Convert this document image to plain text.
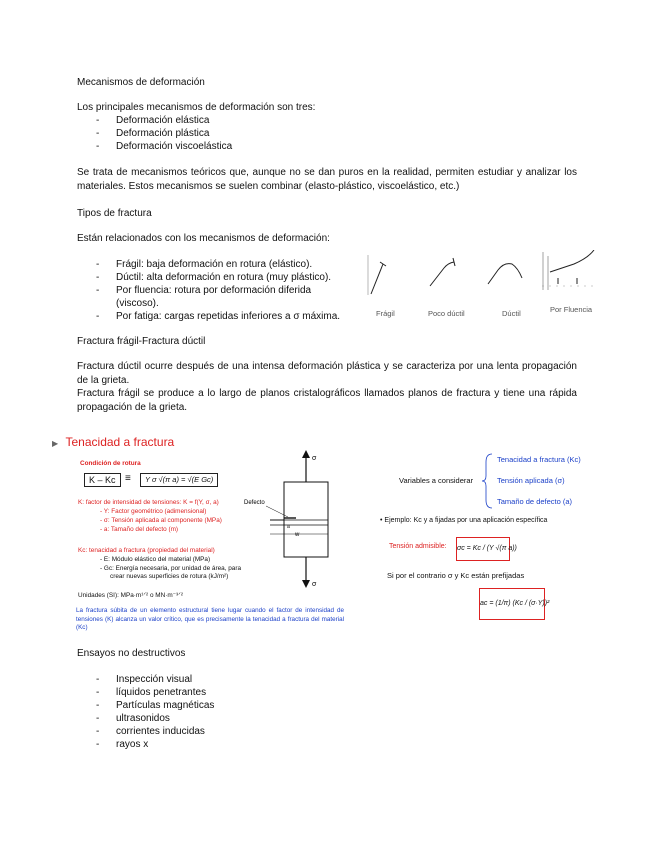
Mecanismos de deformación
Los principales mecanismos de deformación son tres:
- Deformación elástica
- Deformación plástica
- Deformación viscoelástica
Se trata de mecanismos teóricos que, aunque no se dan puros en la realidad, permiten estudiar y analizar los materiales. Estos mecanismos se suelen combinar (elasto-plástico, viscoelástico, etc.)
Tipos de fractura
Están relacionados con los mecanismos de deformación:
- Frágil: baja deformación en rotura (elástico).
- Dúctil: alta deformación en rotura (muy plástico).
- Por fluencia: rotura por deformación diferida (viscoso).
- Por fatiga: cargas repetidas inferiores a σ máxima.	Frágil	Poco dúctil	Dúctil	Por Fluencia
Fractura frágil-Fractura dúctil
Fractura dúctil ocurre después de una intensa deformación plástica y se caracteriza por una lenta propagación de la grieta.
Fractura frágil se produce a lo largo de planos cristalográficos llamados planos de fractura y tiene una rápida propagación de la grieta.
▶ Tenacidad a fractura
Condición de rotura
K – Kc ≡	Y σ √(π a) = √(E Gc)
K: factor de intensidad de tensiones: K = f(Y, σ, a)
- Y: Factor geométrico (adimensional)
- σ: Tensión aplicada al componente (MPa)
- a: Tamaño del defecto (m)
Kc: tenacidad a fractura (propiedad del material)
- E: Módulo elástico del material (MPa)
- Gc: Energía necesaria, por unidad de área, para
crear nuevas superficies de rotura (kJ/m²)
Unidades (SI): MPa·m¹ᐟ² o MN·m⁻³ᐟ²
La fractura súbita de un elemento estructural tiene lugar cuando el factor de intensidad de tensiones (K) alcanza un valor crítico, que es precisamente la tenacidad a fractura del material (Kc)
σ
Defecto
a
w
σ
Variables a considerar
Tenacidad a fractura (Kc)
Tensión aplicada (σ)
Tamaño de defecto (a)
• Ejemplo: Kc y a fijadas por una aplicación específica
Tensión admisible: σc = Kc / (Y √(π a))
Si por el contrario σ y Kc están prefijadas
ac = (1/π) (Kc / (σ·Y))²
Ensayos no destructivos
- Inspección visual
- líquidos penetrantes
- Partículas magnéticas
- ultrasonidos
- corrientes inducidas
- rayos x
